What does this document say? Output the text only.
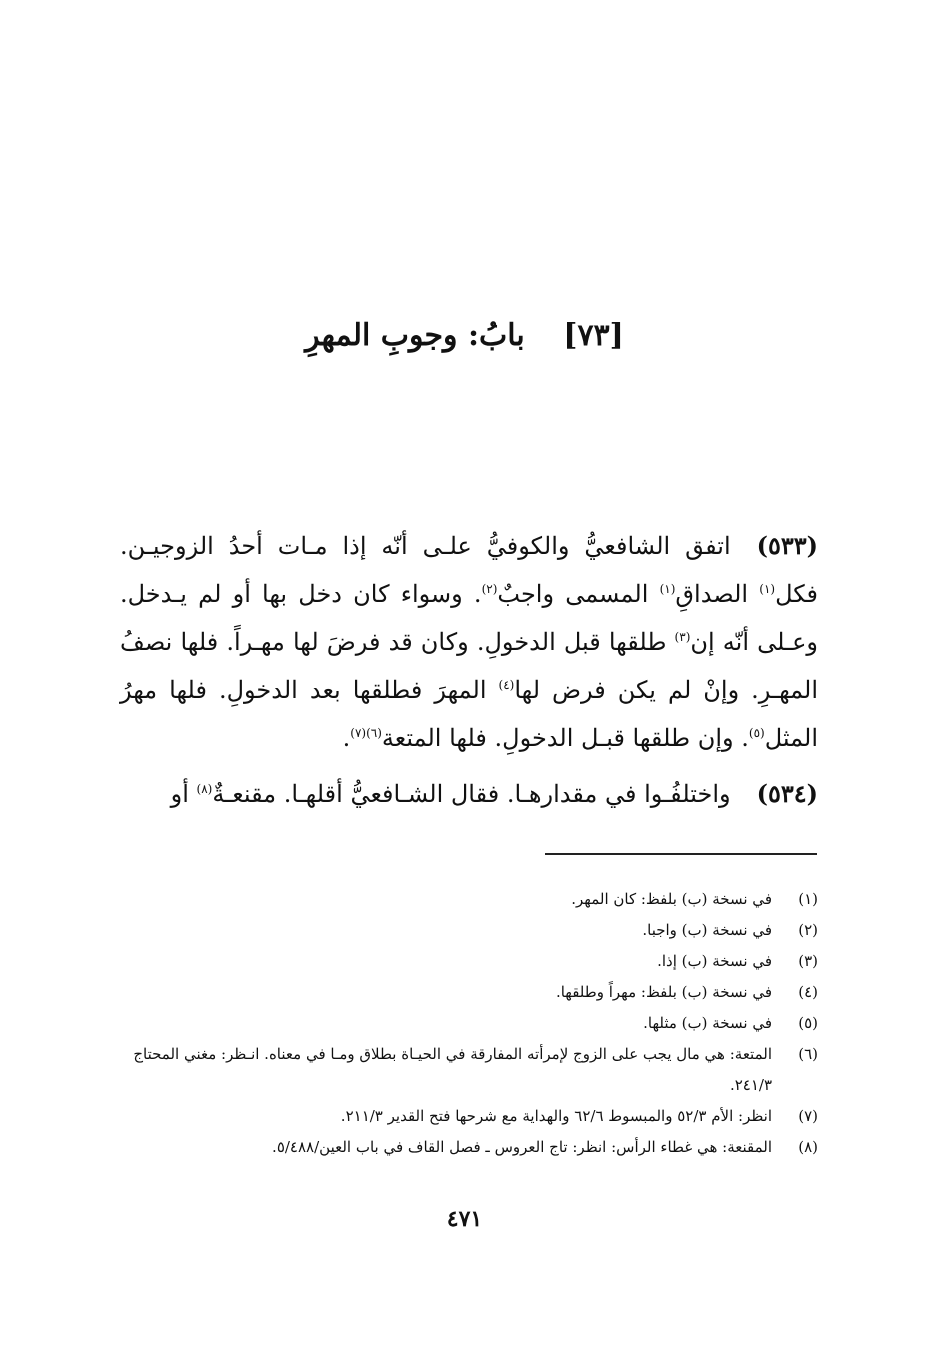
[٧٣] بابُ: وجوبِ المهرِ

(٥٣٣)اتفق الشافعيُّ والكوفيُّ علـى أنّه إذا مـات أحدُ الزوجيـن. فكل$^{(١)}$ الصداقِ$^{(١)}$ المسمى واجبٌ$^{(٢)}$. وسواء كان دخل بها أو لم يـدخل. وعـلى أنّه إن$^{(٣)}$ طلقها قبل الدخولِ. وكان قد فرضَ لها مهـراً. فلها نصفُ المهـرِ. وإنْ لم يكن فرض لها$^{(٤)}$ المهرَ فطلقها بعد الدخولِ. فلها مهرُ المثل$^{(٥)}$. وإن طلقها قبـل الدخولِ. فلها المتعة$^{(٦)(٧)}$.

(٥٣٤)واختلفُـوا في مقدارهـا. فقال الشـافعيُّ أقلهـا. مقنعـةٌ$^{(٨)}$ أو

(١)
في نسخة (ب) بلفظ: كان المهر.
(٢)
في نسخة (ب) واجبا.
(٣)
في نسخة (ب) إذا.
(٤)
في نسخة (ب) بلفظ: مهراً وطلقها.
(٥)
في نسخة (ب) مثلها.
(٦)
المتعة: هي مال يجب على الزوج لإمرأته المفارقة في الحيـاة بطلاق ومـا في معناه. انـظر: مغني المحتاج ٢٤١/٣.
(٧)
انظر: الأم ٥٢/٣ والمبسوط ٦٢/٦ والهداية مع شرحها فتح القدير ٢١١/٣.
(٨)
المقنعة: هي غطاء الرأس: انظر: تاج العروس ـ فصل القاف في باب العين/٥/٤٨٨.
٤٧١
